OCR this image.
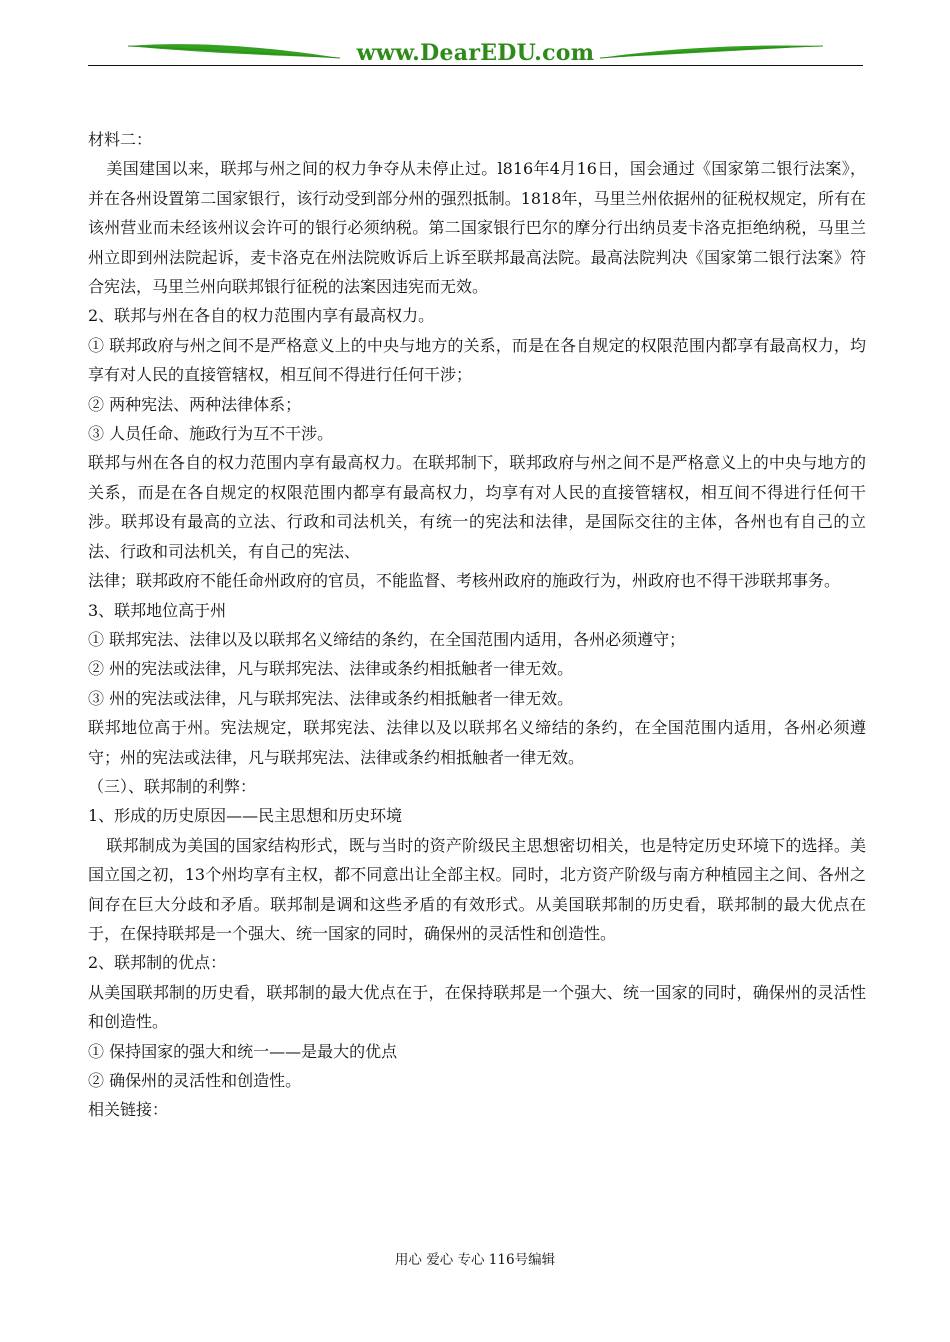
www.DearEDU.com

材料二：

美国建国以来，联邦与州之间的权力争夺从未停止过。l816年4月16日，国会通过《国家第二银行法案》，并在各州设置第二国家银行，该行动受到部分州的强烈抵制。1818年，马里兰州依据州的征税权规定，所有在该州营业而未经该州议会许可的银行必须纳税。第二国家银行巴尔的摩分行出纳员麦卡洛克拒绝纳税，马里兰州立即到州法院起诉，麦卡洛克在州法院败诉后上诉至联邦最高法院。最高法院判决《国家第二银行法案》符合宪法，马里兰州向联邦银行征税的法案因违宪而无效。

2、联邦与州在各自的权力范围内享有最高权力。

① 联邦政府与州之间不是严格意义上的中央与地方的关系，而是在各自规定的权限范围内都享有最高权力，均享有对人民的直接管辖权，相互间不得进行任何干涉；

② 两种宪法、两种法律体系；

③ 人员任命、施政行为互不干涉。

联邦与州在各自的权力范围内享有最高权力。在联邦制下，联邦政府与州之间不是严格意义上的中央与地方的关系，而是在各自规定的权限范围内都享有最高权力，均享有对人民的直接管辖权，相互间不得进行任何干涉。联邦设有最高的立法、行政和司法机关，有统一的宪法和法律，是国际交往的主体，各州也有自己的立法、行政和司法机关，有自己的宪法、

法律；联邦政府不能任命州政府的官员，不能监督、考核州政府的施政行为，州政府也不得干涉联邦事务。

3、联邦地位高于州

① 联邦宪法、法律以及以联邦名义缔结的条约，在全国范围内适用，各州必须遵守；

② 州的宪法或法律，凡与联邦宪法、法律或条约相抵触者一律无效。

③ 州的宪法或法律，凡与联邦宪法、法律或条约相抵触者一律无效。

联邦地位高于州。宪法规定，联邦宪法、法律以及以联邦名义缔结的条约，在全国范围内适用，各州必须遵守；州的宪法或法律，凡与联邦宪法、法律或条约相抵触者一律无效。

（三）、联邦制的利弊：

1、形成的历史原因——民主思想和历史环境

联邦制成为美国的国家结构形式，既与当时的资产阶级民主思想密切相关，也是特定历史环境下的选择。美国立国之初，13个州均享有主权，都不同意出让全部主权。同时，北方资产阶级与南方种植园主之间、各州之间存在巨大分歧和矛盾。联邦制是调和这些矛盾的有效形式。从美国联邦制的历史看，联邦制的最大优点在于，在保持联邦是一个强大、统一国家的同时，确保州的灵活性和创造性。

2、联邦制的优点：

从美国联邦制的历史看，联邦制的最大优点在于，在保持联邦是一个强大、统一国家的同时，确保州的灵活性和创造性。

① 保持国家的强大和统一——是最大的优点

② 确保州的灵活性和创造性。

相关链接：

用心 爱心 专心 116号编辑
